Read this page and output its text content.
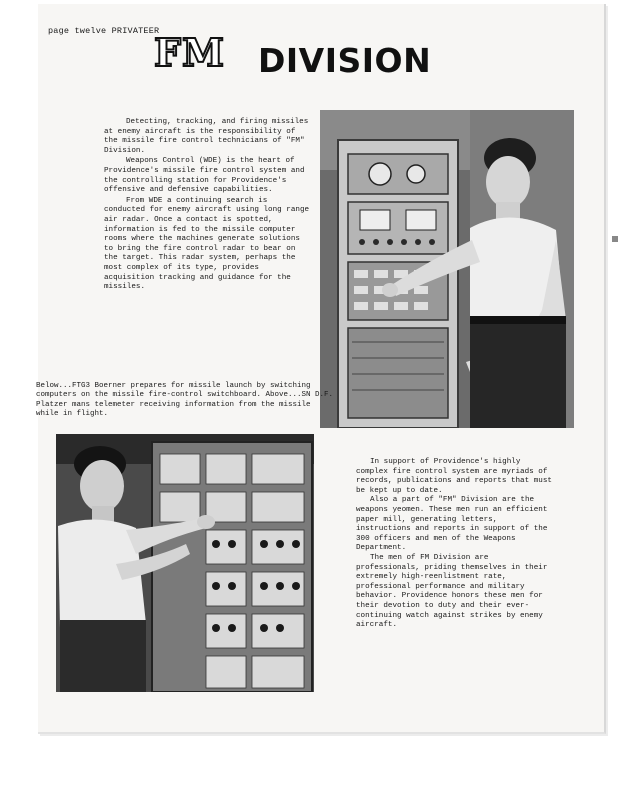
page twelve PRIVATEER
FM DIVISION

Detecting, tracking, and firing missiles at enemy aircraft is the responsibility of the missile fire control technicians of "FM" Division.

Weapons Control (WDE) is the heart of Providence's missile fire control system and the controlling station for Providence's offensive and defensive capabilities.

From WDE a continuing search is conducted for enemy aircraft using long range air radar. Once a contact is spotted, information is fed to the missile computer rooms where the machines generate solutions to bring the fire control radar to bear on the target. This radar system, perhaps the most complex of its type, provides acquisition tracking and guidance for the missiles.

Below...FTG3 Boerner prepares for missile launch by switching computers on the missile fire-control switchboard. Above...SN D.F. Platzer mans telemeter receiving information from the missile while in flight.

In support of Providence's highly complex fire control system are myriads of records, publications and reports that must be kept up to date.

Also a part of "FM" Division are the weapons yeomen. These men run an efficient paper mill, generating letters, instructions and reports in support of the 300 officers and men of the Weapons Department.

The men of FM Division are professionals, priding themselves in their extremely high-reenlistment rate, professional performance and military behavior. Providence honors these men for their devotion to duty and their ever-continuing watch against strikes by enemy aircraft.
